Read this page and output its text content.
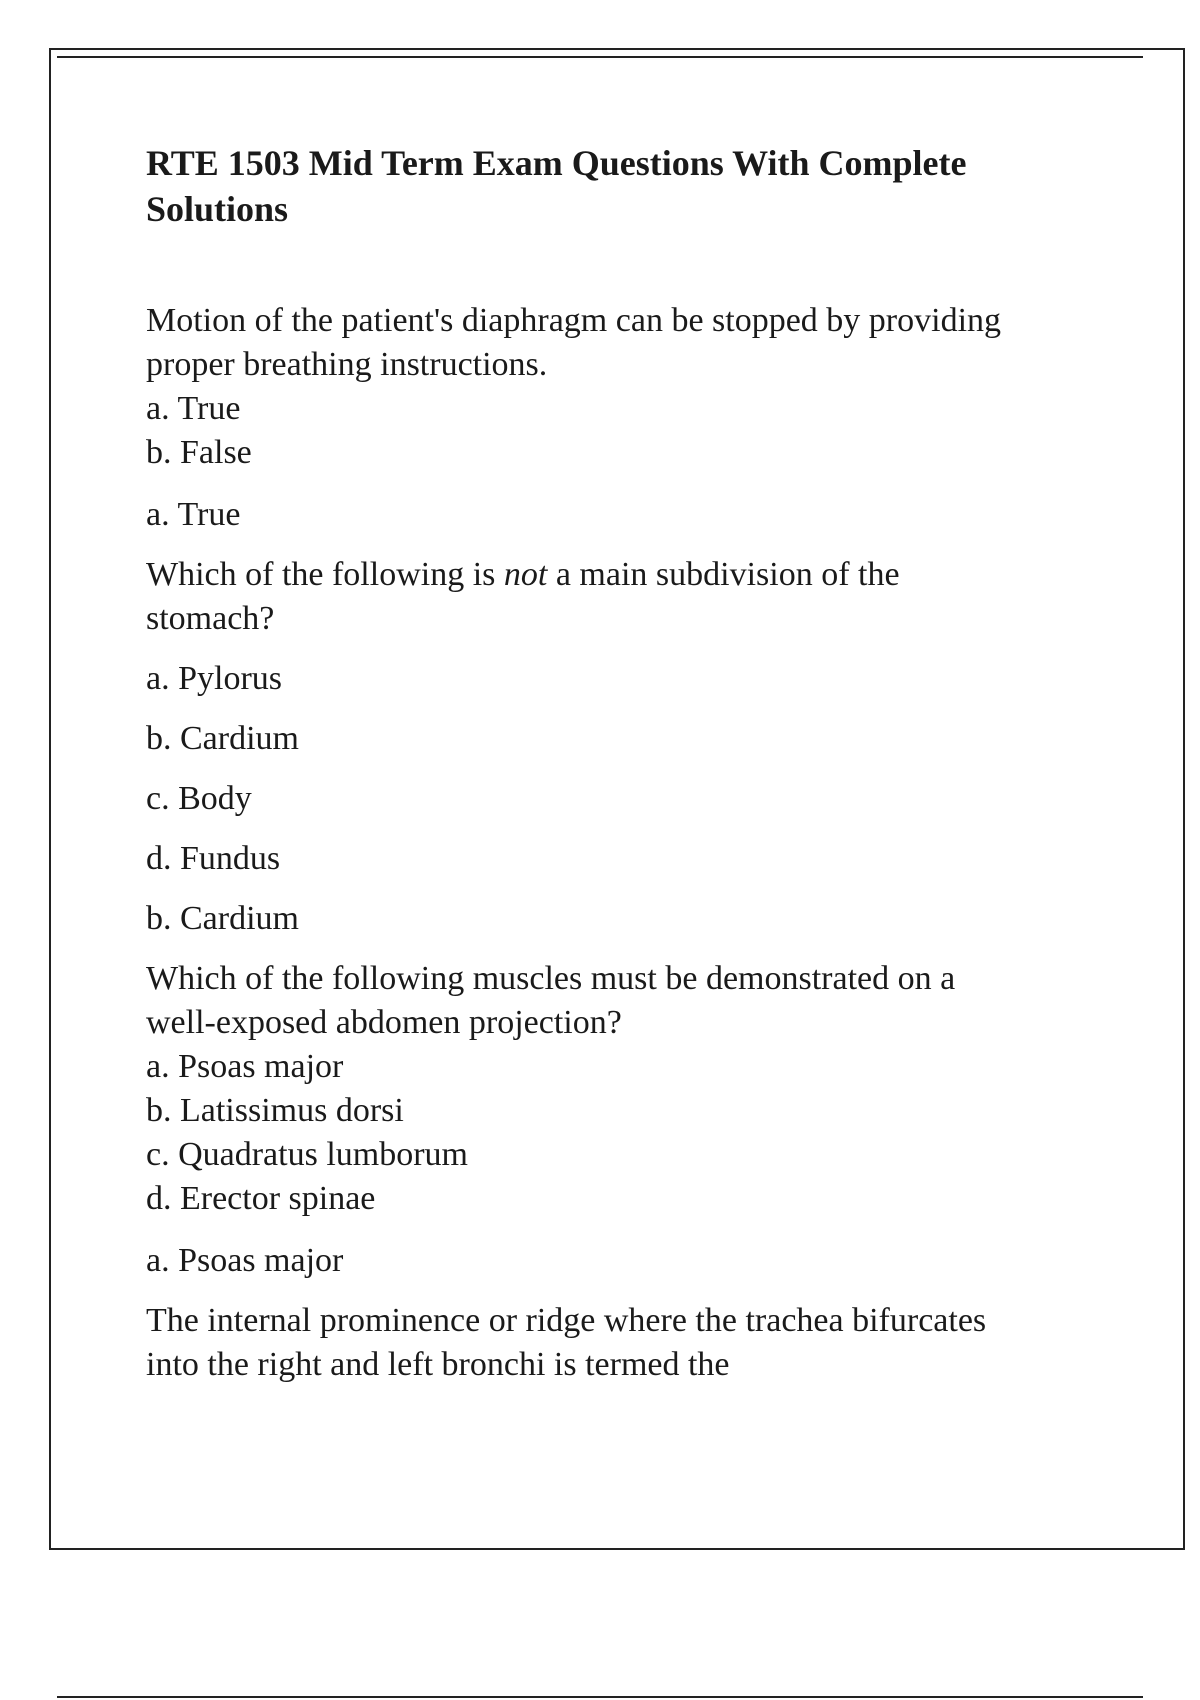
RTE 1503 Mid Term Exam Questions With Complete
Solutions

Motion of the patient's diaphragm can be stopped by providing
proper breathing instructions.
a. True
b. False
a. True
Which of the following is not a main subdivision of the
stomach?
a. Pylorus
b. Cardium
c. Body
d. Fundus
b. Cardium
Which of the following muscles must be demonstrated on a
well-exposed abdomen projection?
a. Psoas major
b. Latissimus dorsi
c. Quadratus lumborum
d. Erector spinae
a. Psoas major
The internal prominence or ridge where the trachea bifurcates
into the right and left bronchi is termed the
